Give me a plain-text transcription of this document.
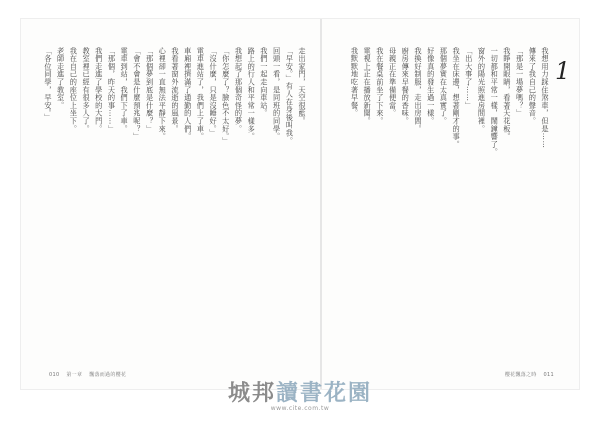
1
我想用力踩住煞車，但是……
傳來了我自己的聲音。
「那是一場夢嗎？」
我睜開眼睛，看著天花板。
一切都和平常一樣，鬧鐘響了。
窗外的陽光照進房間裡。
「出大事了……」
我坐在床邊，想著剛才的事。
那個夢實在太真實了。
好像真的發生過一樣。
我換好制服，走出房間。
廚房傳來早餐的香味。
母親正在準備便當。
我在餐桌前坐了下來。
電視上正在播放新聞。
我默默地吃著早餐。
走出家門，天空很藍。
「早安。」有人在身後叫我。
回頭一看，是同班的同學。
我們一起走向車站。
路上的行人和平常一樣多。
我想起了那個奇怪的夢。
「你怎麼了？臉色不太好。」
「沒什麼，只是沒睡好。」
電車進站了，我們上了車。
車廂裡擠滿了通勤的人們。
我看著窗外流逝的風景。
心裡卻一直無法平靜下來。
「那個夢到底是什麼？」
「會不會是什麼預兆呢？」
電車到站，我們下了車。
「那個，昨天的事……」
我們走進了學校的大門。
教室裡已經有很多人了。
我在自己的座位上坐下。
老師走進了教室。
「各位同學，早安。」
010 第一章 飄落而過的櫻花	櫻花飄落之時 011
城邦讀書花園
www.cite.com.tw
